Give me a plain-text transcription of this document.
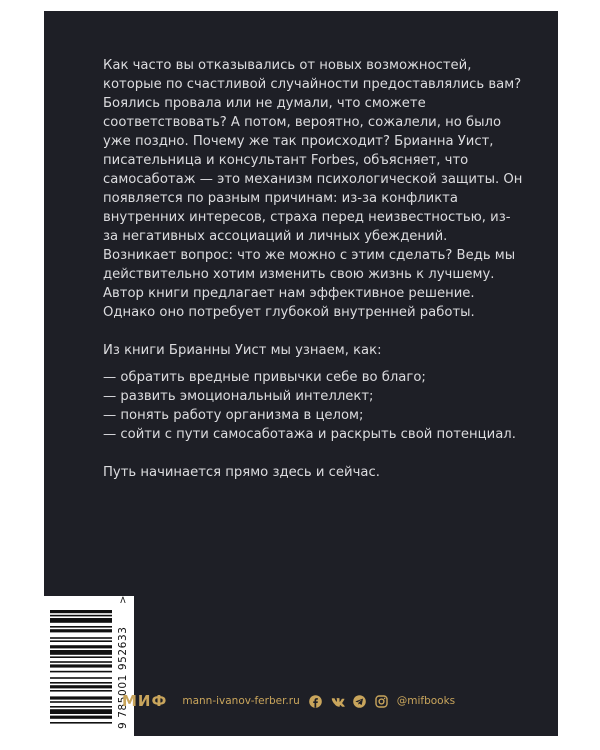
Как часто вы отказывались от новых возможностей, которые по счастливой случайности предоставлялись вам? Боялись провала или не думали, что сможете соответствовать? А потом, вероятно, сожалели, но было уже поздно. Почему же так происходит? Брианна Уист, писательница и консультант Forbes, объясняет, что самосаботаж — это механизм психологической защиты. Он появляется по разным причинам: из-за конфликта внутренних интересов, страха перед неизвестностью, из-за негативных ассоциаций и личных убеждений. Возникает вопрос: что же можно с этим сделать? Ведь мы действительно хотим изменить свою жизнь к лучшему. Автор книги предлагает нам эффективное решение. Однако оно потребует глубокой внутренней работы.

Из книги Брианны Уист мы узнаем, как:

— обратить вредные привычки себе во благо;
— развить эмоциональный интеллект;
— понять работу организма в целом;
— сойти с пути самосаботажа и раскрыть свой потенциал.

Путь начинается прямо здесь и сейчас.

9 785001 952633
>
МИФ mann-ivanov-ferber.ru	@mifbooks
